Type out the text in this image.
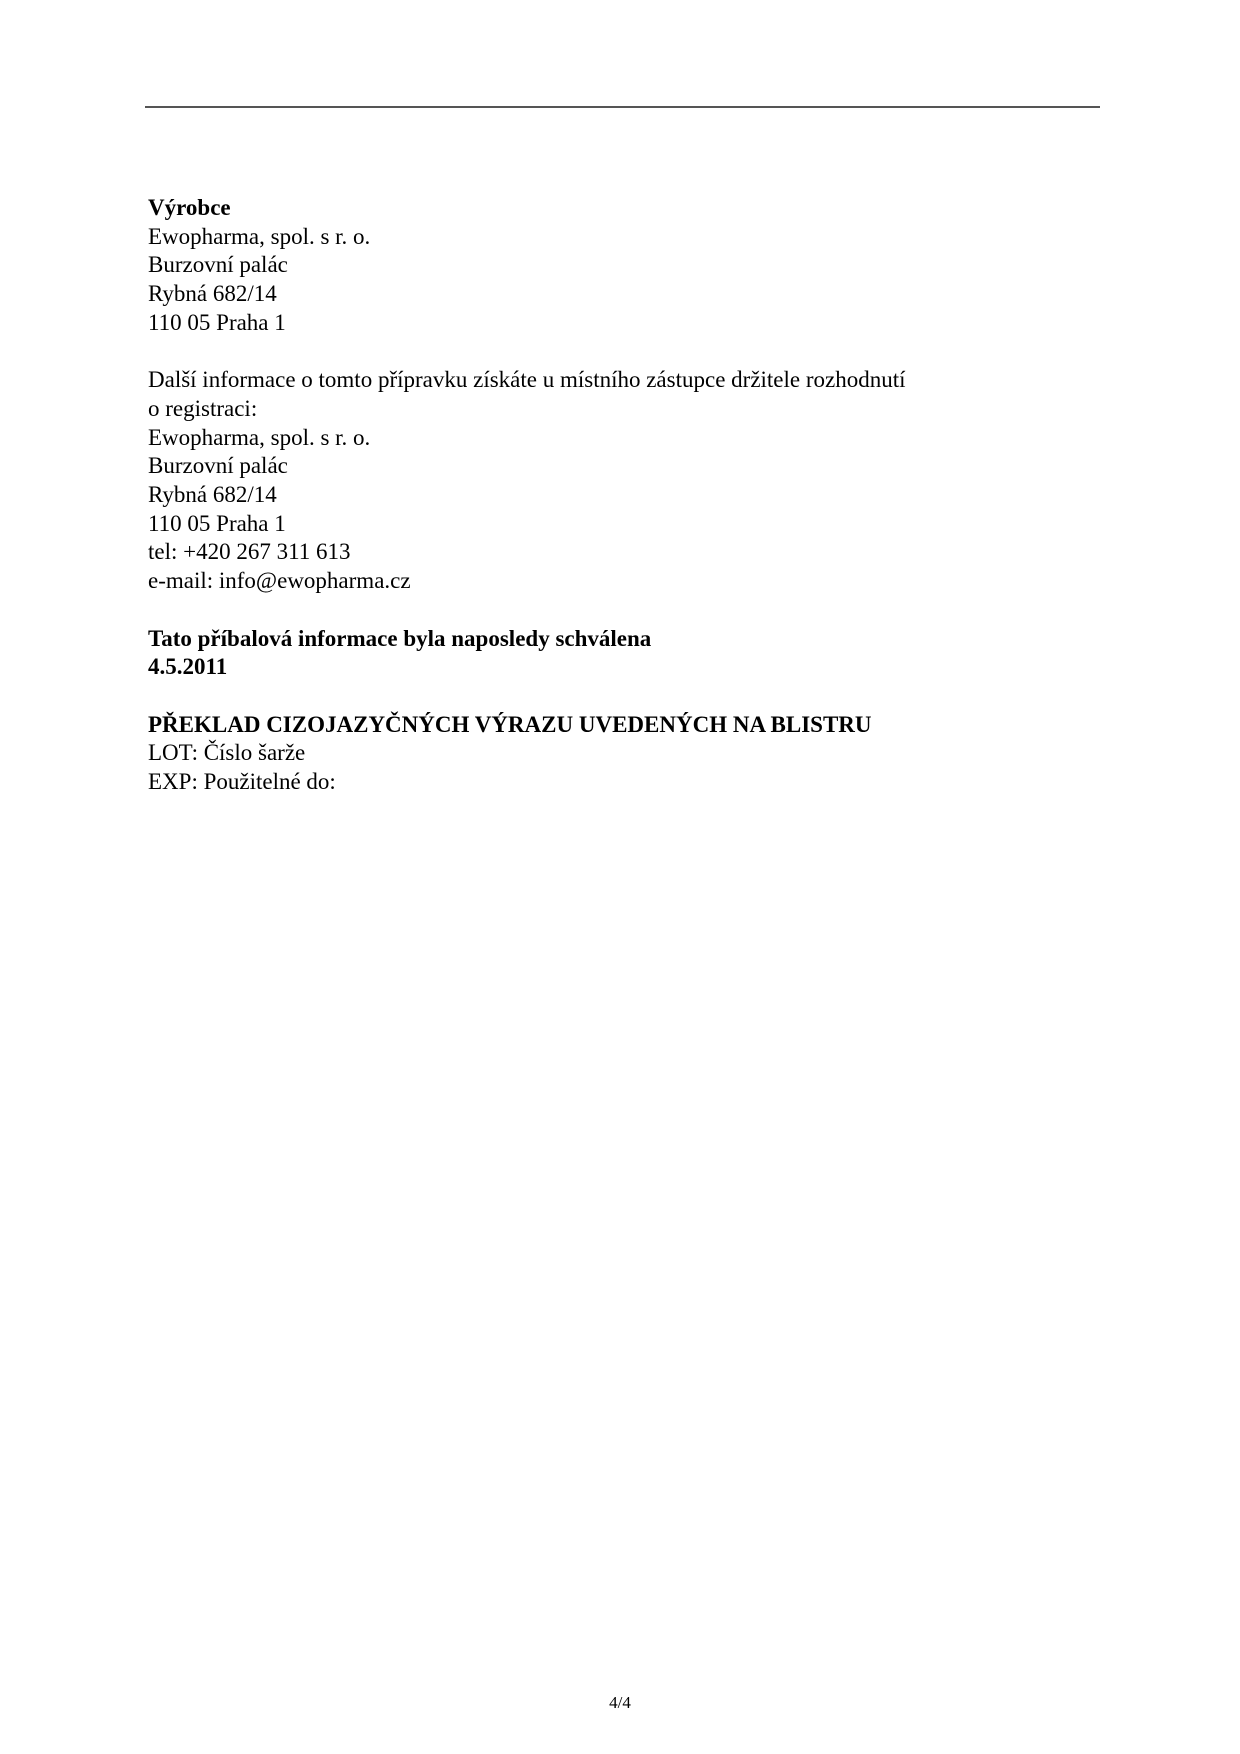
Výrobce
Ewopharma, spol. s r. o.
Burzovní palác
Rybná 682/14
110 05 Praha 1
Další informace o tomto přípravku získáte u místního zástupce držitele rozhodnutí
o registraci:
Ewopharma, spol. s r. o.
Burzovní palác
Rybná 682/14
110 05 Praha 1
tel: +420 267 311 613
e-mail: info@ewopharma.cz
Tato příbalová informace byla naposledy schválena
4.5.2011
PŘEKLAD CIZOJAZYČNÝCH VÝRAZU UVEDENÝCH NA BLISTRU
LOT: Číslo šarže
EXP: Použitelné do:
4/4
